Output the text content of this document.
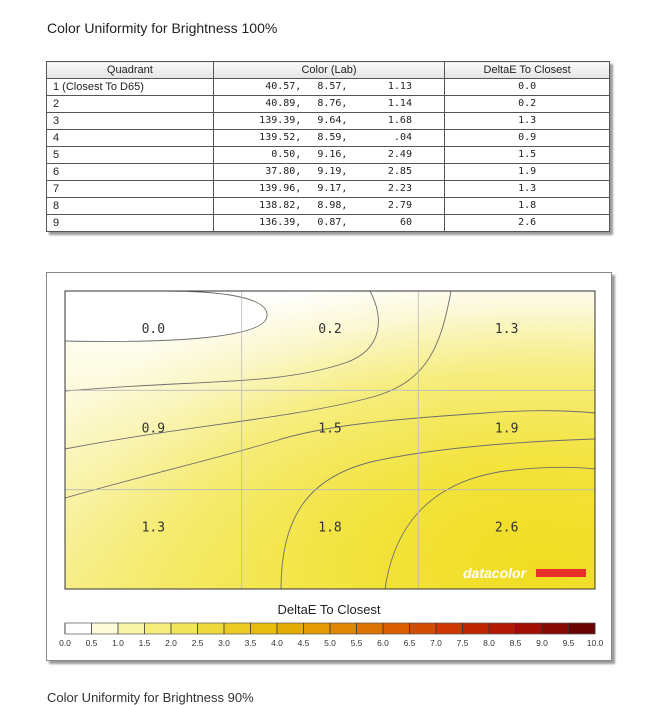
Color Uniformity for Brightness 100%
Quadrant	Color (Lab)	DeltaE To Closest
1 (Closest To D65)	40.57, 8.57, 1.13	0.0
2	40.89, 8.76, 1.14	0.2
3	139.39, 9.64, 1.68	1.3
4	139.52, 8.59, .04	0.9
5	0.50, 9.16, 2.49	1.5
6	37.80, 9.19, 2.85	1.9
7	139.96, 9.17, 2.23	1.3
8	138.82, 8.98, 2.79	1.8
9	136.39, 0.87, 60	2.6
0.0	0.2	1.3
0.9	1.5	1.9
1.3	1.8	2.6
datacolor
DeltaE To Closest
0.0 0.5 1.0 1.5 2.0 2.5 3.0 3.5 4.0 4.5 5.0 5.5 6.0 6.5 7.0 7.5 8.0 8.5 9.0 9.5 10.0
Color Uniformity for Brightness 90%
